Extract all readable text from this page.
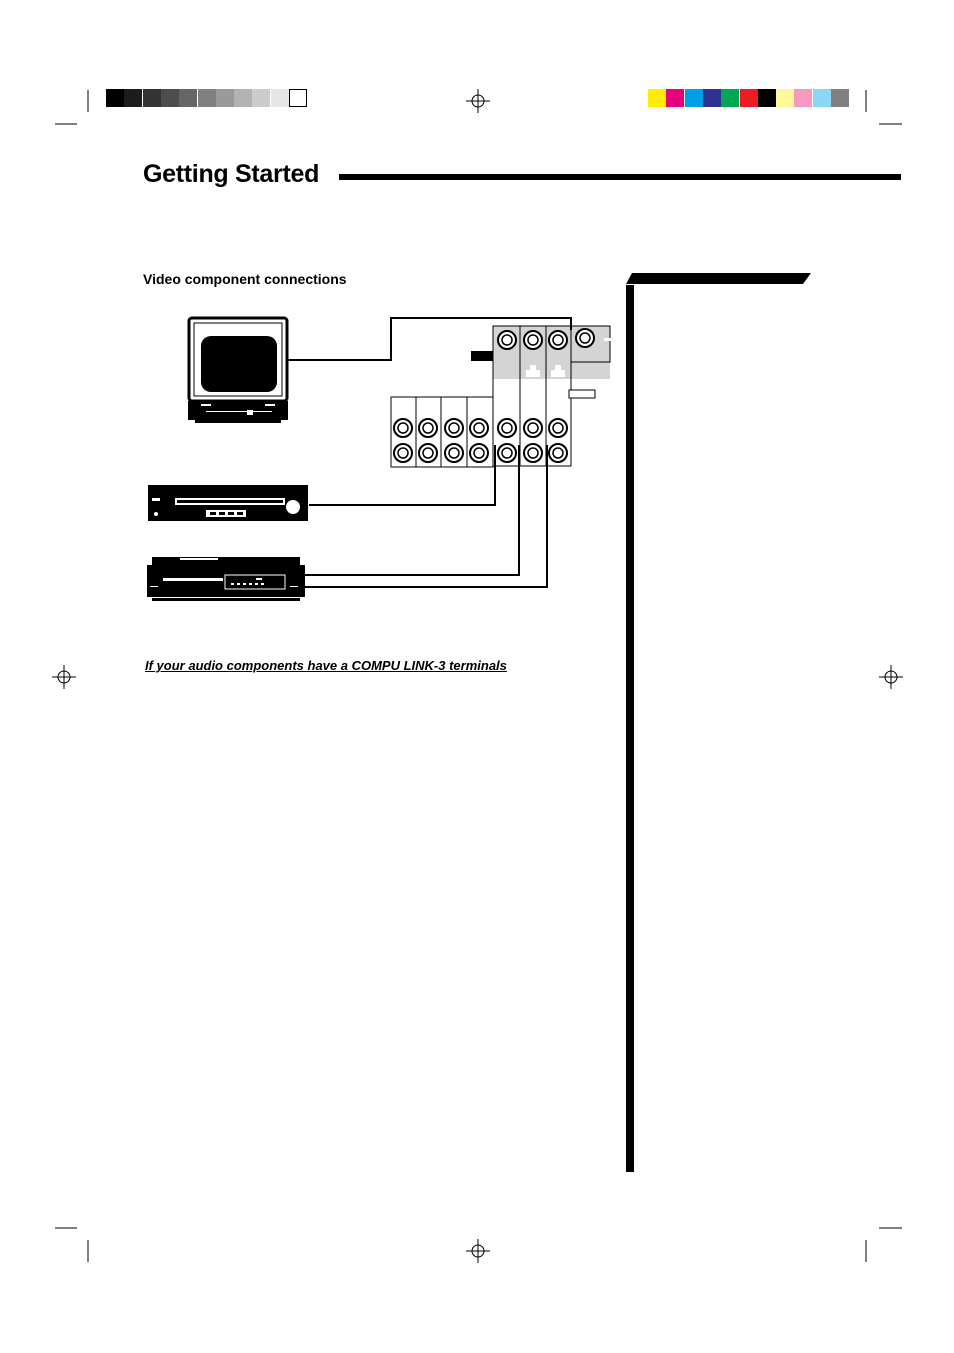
Getting Started
Video component connections
If your audio components have a COMPU LINK-3 terminals
